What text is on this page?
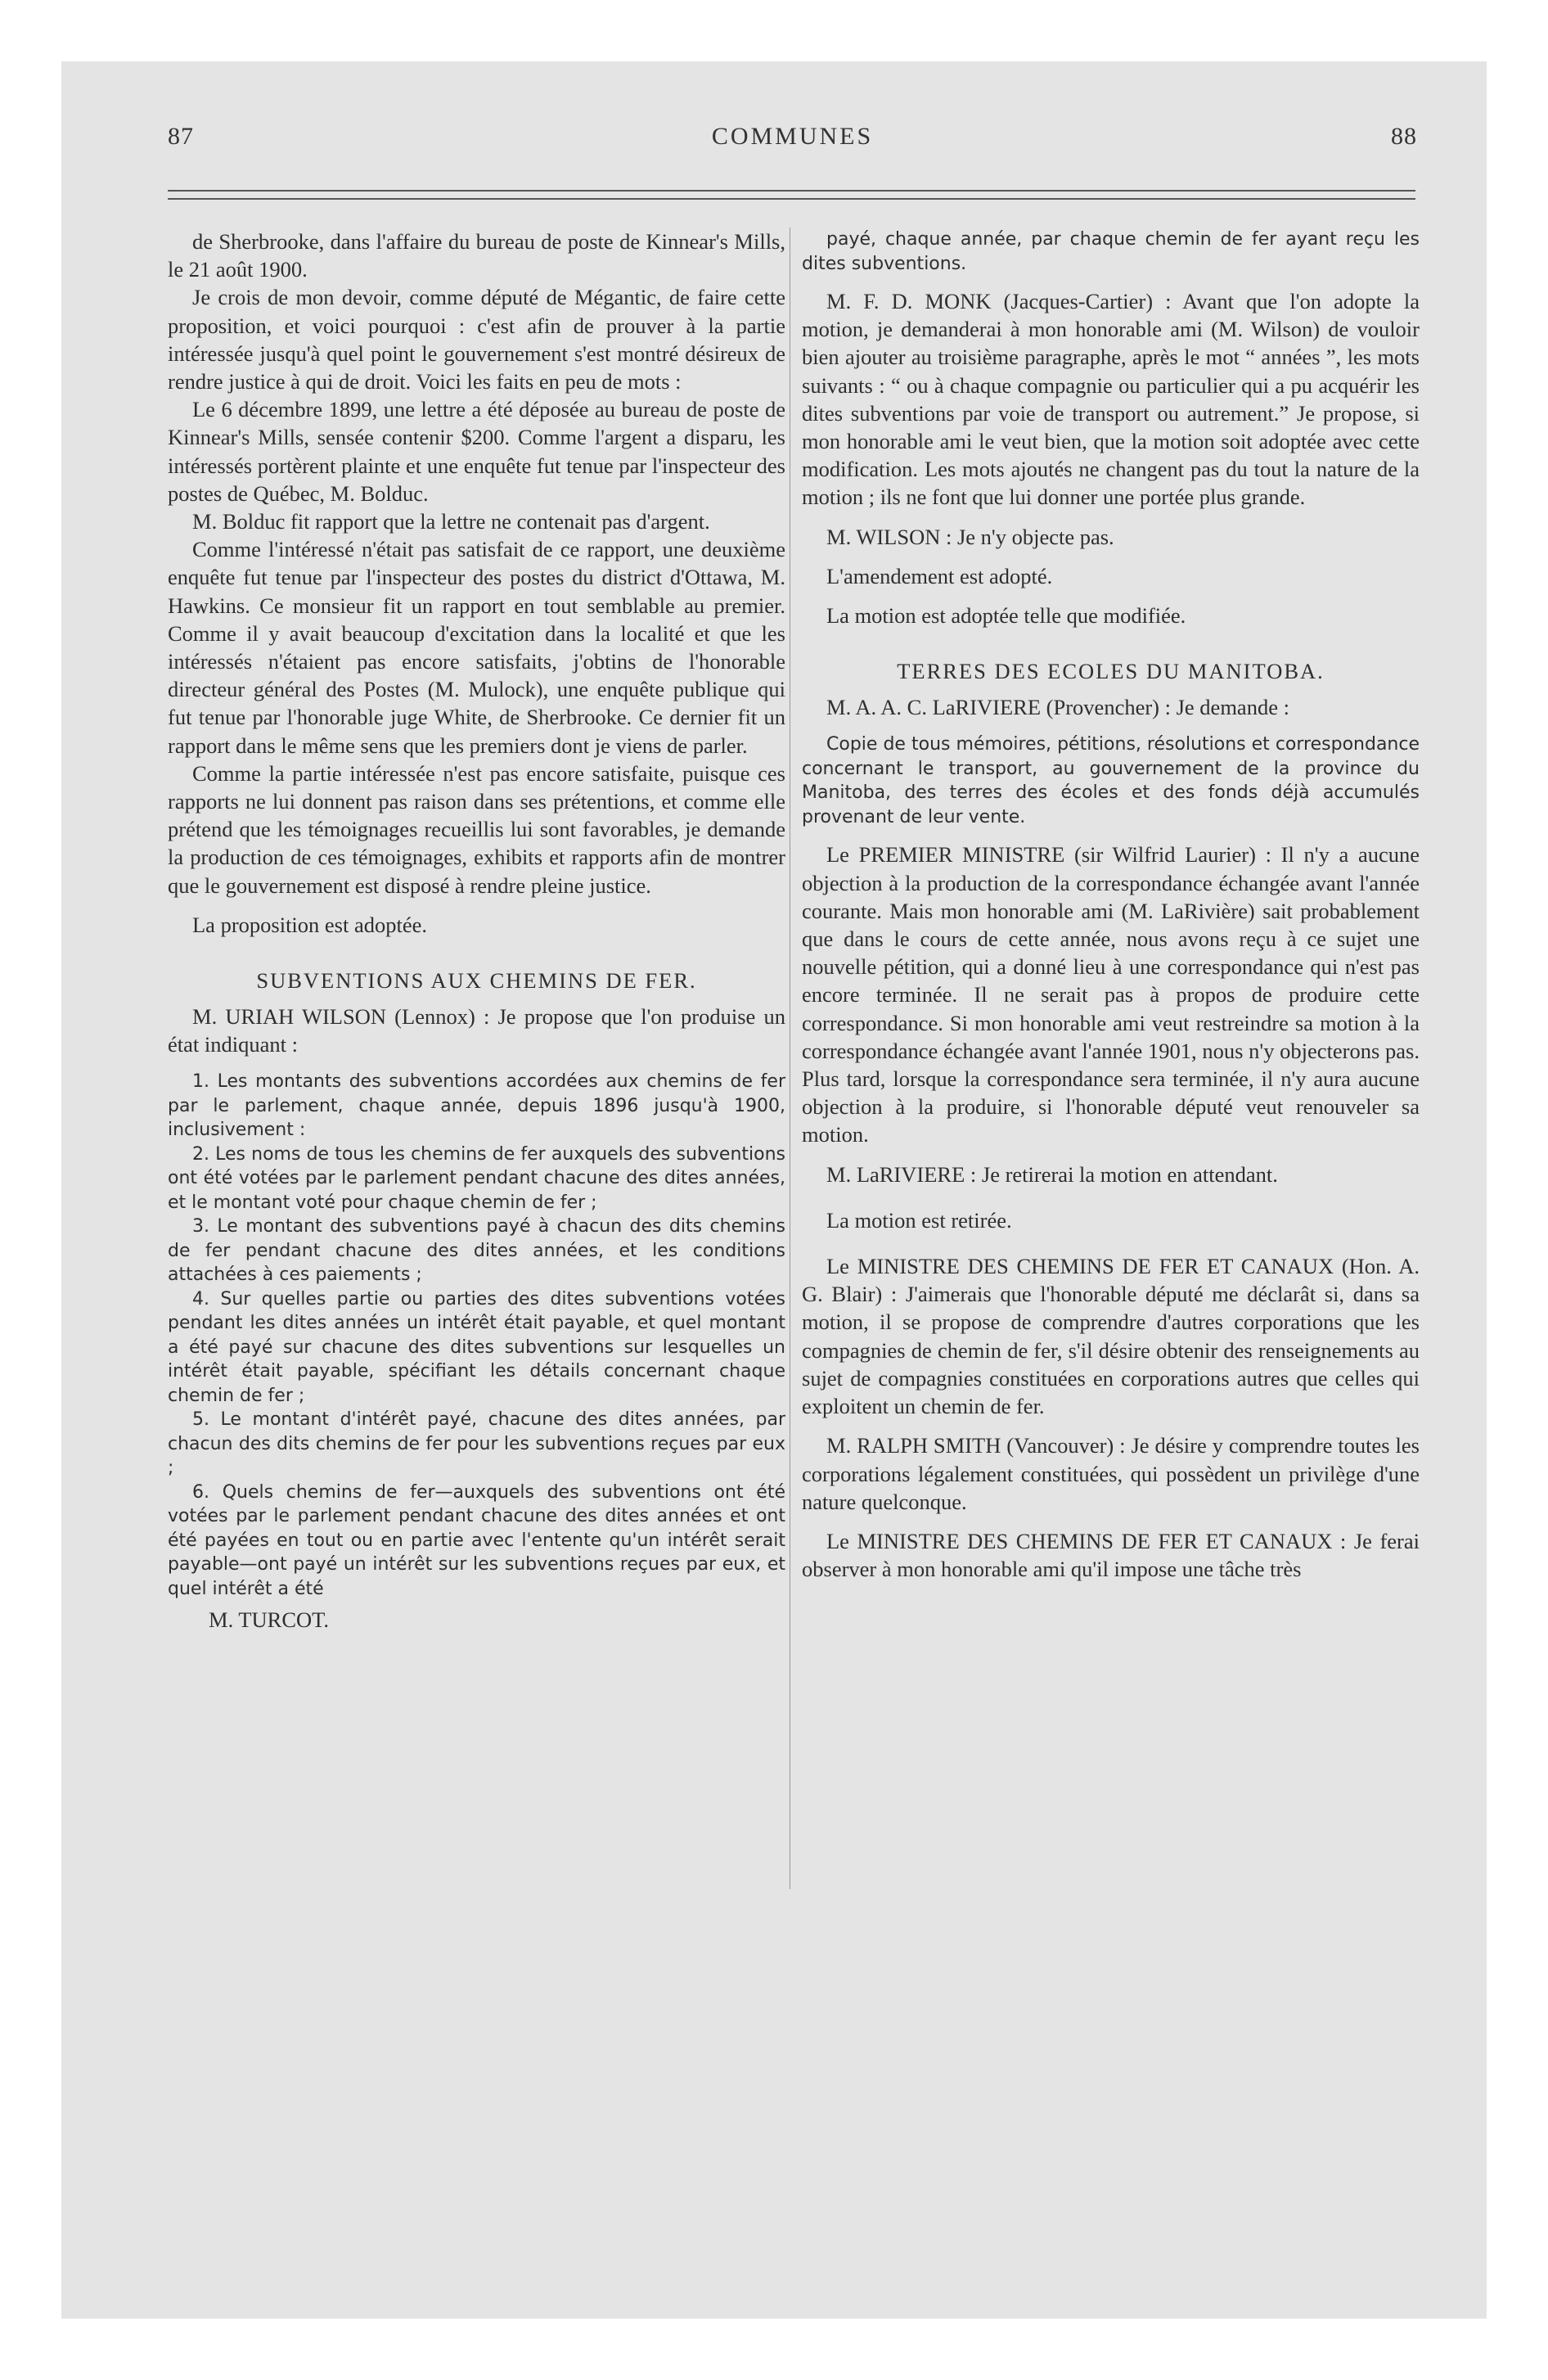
87	COMMUNES	88

de Sherbrooke, dans l'affaire du bureau de poste de Kinnear's Mills, le 21 août 1900.

Je crois de mon devoir, comme député de Mégantic, de faire cette proposition, et voici pourquoi : c'est afin de prouver à la partie intéressée jusqu'à quel point le gouvernement s'est montré désireux de rendre justice à qui de droit. Voici les faits en peu de mots :

Le 6 décembre 1899, une lettre a été déposée au bureau de poste de Kinnear's Mills, sensée contenir $200. Comme l'argent a disparu, les intéressés portèrent plainte et une enquête fut tenue par l'inspecteur des postes de Québec, M. Bolduc.

M. Bolduc fit rapport que la lettre ne contenait pas d'argent.

Comme l'intéressé n'était pas satisfait de ce rapport, une deuxième enquête fut tenue par l'inspecteur des postes du district d'Ottawa, M. Hawkins. Ce monsieur fit un rapport en tout semblable au premier. Comme il y avait beaucoup d'excitation dans la localité et que les intéressés n'étaient pas encore satisfaits, j'obtins de l'honorable directeur général des Postes (M. Mulock), une enquête publique qui fut tenue par l'honorable juge White, de Sherbrooke. Ce dernier fit un rapport dans le même sens que les premiers dont je viens de parler.

Comme la partie intéressée n'est pas encore satisfaite, puisque ces rapports ne lui donnent pas raison dans ses prétentions, et comme elle prétend que les témoignages recueillis lui sont favorables, je demande la production de ces témoignages, exhibits et rapports afin de montrer que le gouvernement est disposé à rendre pleine justice.

La proposition est adoptée.

SUBVENTIONS AUX CHEMINS DE FER.

M. URIAH WILSON (Lennox) : Je propose que l'on produise un état indiquant :

1. Les montants des subventions accordées aux chemins de fer par le parlement, chaque année, depuis 1896 jusqu'à 1900, inclusivement :

2. Les noms de tous les chemins de fer auxquels des subventions ont été votées par le parlement pendant chacune des dites années, et le montant voté pour chaque chemin de fer ;

3. Le montant des subventions payé à chacun des dits chemins de fer pendant chacune des dites années, et les conditions attachées à ces paiements ;

4. Sur quelles partie ou parties des dites subventions votées pendant les dites années un intérêt était payable, et quel montant a été payé sur chacune des dites subventions sur lesquelles un intérêt était payable, spécifiant les détails concernant chaque chemin de fer ;

5. Le montant d'intérêt payé, chacune des dites années, par chacun des dits chemins de fer pour les subventions reçues par eux ;

6. Quels chemins de fer—auxquels des subventions ont été votées par le parlement pendant chacune des dites années et ont été payées en tout ou en partie avec l'entente qu'un intérêt serait payable—ont payé un intérêt sur les subventions reçues par eux, et quel intérêt a été

M. TURCOT.

payé, chaque année, par chaque chemin de fer ayant reçu les dites subventions.

M. F. D. MONK (Jacques-Cartier) : Avant que l'on adopte la motion, je demanderai à mon honorable ami (M. Wilson) de vouloir bien ajouter au troisième paragraphe, après le mot “ années ”, les mots suivants : “ ou à chaque compagnie ou particulier qui a pu acquérir les dites subventions par voie de transport ou autrement.” Je propose, si mon honorable ami le veut bien, que la motion soit adoptée avec cette modification. Les mots ajoutés ne changent pas du tout la nature de la motion ; ils ne font que lui donner une portée plus grande.

M. WILSON : Je n'y objecte pas.

L'amendement est adopté.

La motion est adoptée telle que modifiée.

TERRES DES ECOLES DU MANITOBA.

M. A. A. C. LaRIVIERE (Provencher) : Je demande :

Copie de tous mémoires, pétitions, résolutions et correspondance concernant le transport, au gouvernement de la province du Manitoba, des terres des écoles et des fonds déjà accumulés provenant de leur vente.

Le PREMIER MINISTRE (sir Wilfrid Laurier) : Il n'y a aucune objection à la production de la correspondance échangée avant l'année courante. Mais mon honorable ami (M. LaRivière) sait probablement que dans le cours de cette année, nous avons reçu à ce sujet une nouvelle pétition, qui a donné lieu à une correspondance qui n'est pas encore terminée. Il ne serait pas à propos de produire cette correspondance. Si mon honorable ami veut restreindre sa motion à la correspondance échangée avant l'année 1901, nous n'y objecterons pas. Plus tard, lorsque la correspondance sera terminée, il n'y aura aucune objection à la produire, si l'honorable député veut renouveler sa motion.

M. LaRIVIERE : Je retirerai la motion en attendant.

La motion est retirée.

Le MINISTRE DES CHEMINS DE FER ET CANAUX (Hon. A. G. Blair) : J'aimerais que l'honorable député me déclarât si, dans sa motion, il se propose de comprendre d'autres corporations que les compagnies de chemin de fer, s'il désire obtenir des renseignements au sujet de compagnies constituées en corporations autres que celles qui exploitent un chemin de fer.

M. RALPH SMITH (Vancouver) : Je désire y comprendre toutes les corporations légalement constituées, qui possèdent un privilège d'une nature quelconque.

Le MINISTRE DES CHEMINS DE FER ET CANAUX : Je ferai observer à mon honorable ami qu'il impose une tâche très
